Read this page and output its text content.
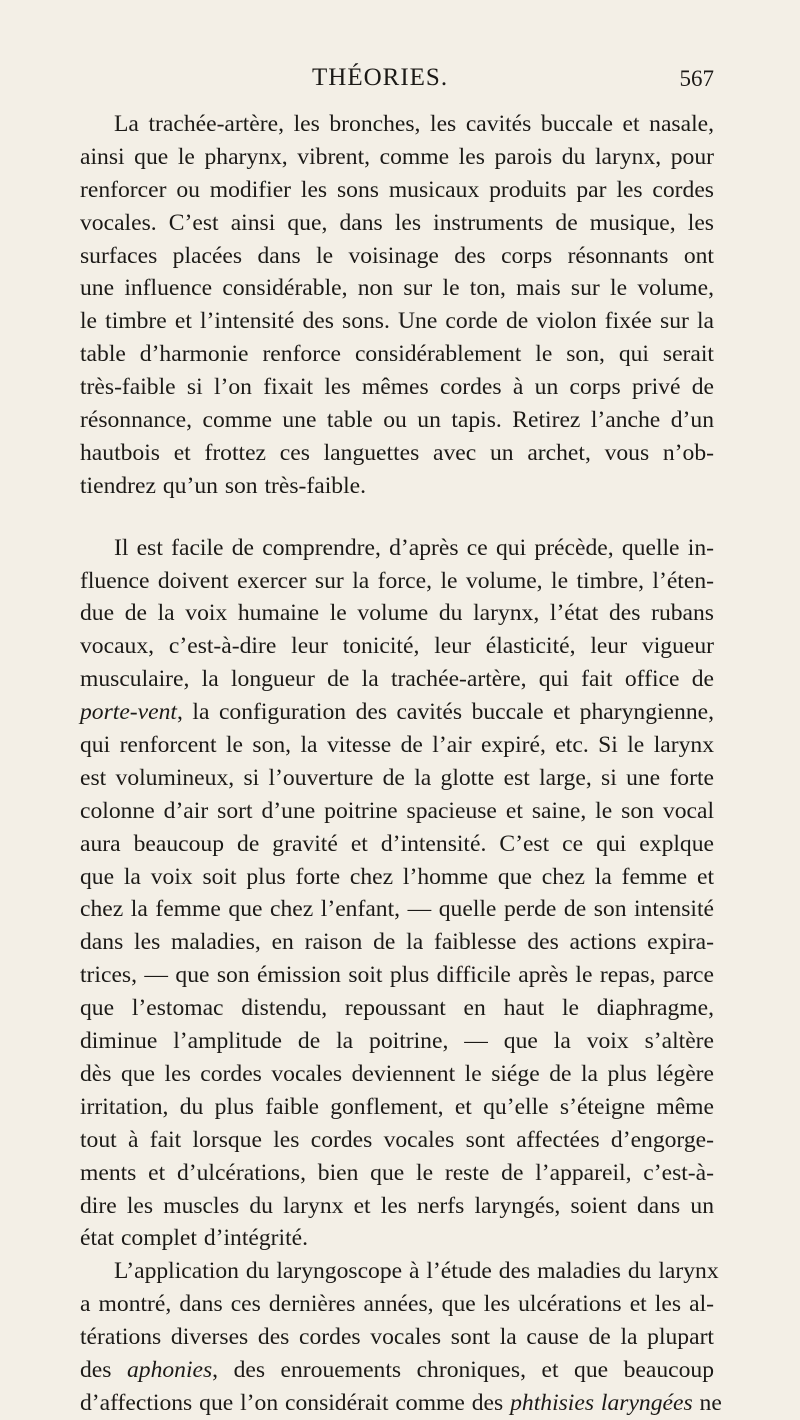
THÉORIES.	567
La trachée-artère, les bronches, les cavités buccale et nasale,
ainsi que le pharynx, vibrent, comme les parois du larynx, pour
renforcer ou modifier les sons musicaux produits par les cordes
vocales. C’est ainsi que, dans les instruments de musique, les
surfaces placées dans le voisinage des corps résonnants ont
une influence considérable, non sur le ton, mais sur le volume,
le timbre et l’intensité des sons. Une corde de violon fixée sur la
table d’harmonie renforce considérablement le son, qui serait
très-faible si l’on fixait les mêmes cordes à un corps privé de
résonnance, comme une table ou un tapis. Retirez l’anche d’un
hautbois et frottez ces languettes avec un archet, vous n’ob-
tiendrez qu’un son très-faible.
Il est facile de comprendre, d’après ce qui précède, quelle in-
fluence doivent exercer sur la force, le volume, le timbre, l’éten-
due de la voix humaine le volume du larynx, l’état des rubans
vocaux, c’est-à-dire leur tonicité, leur élasticité, leur vigueur
musculaire, la longueur de la trachée-artère, qui fait office de
porte-vent, la configuration des cavités buccale et pharyngienne,
qui renforcent le son, la vitesse de l’air expiré, etc. Si le larynx
est volumineux, si l’ouverture de la glotte est large, si une forte
colonne d’air sort d’une poitrine spacieuse et saine, le son vocal
aura beaucoup de gravité et d’intensité. C’est ce qui explque
que la voix soit plus forte chez l’homme que chez la femme et
chez la femme que chez l’enfant, — quelle perde de son intensité
dans les maladies, en raison de la faiblesse des actions expira-
trices, — que son émission soit plus difficile après le repas, parce
que l’estomac distendu, repoussant en haut le diaphragme,
diminue l’amplitude de la poitrine, — que la voix s’altère
dès que les cordes vocales deviennent le siége de la plus légère
irritation, du plus faible gonflement, et qu’elle s’éteigne même
tout à fait lorsque les cordes vocales sont affectées d’engorge-
ments et d’ulcérations, bien que le reste de l’appareil, c’est-à-
dire les muscles du larynx et les nerfs laryngés, soient dans un
état complet d’intégrité.
L’application du laryngoscope à l’étude des maladies du larynx
a montré, dans ces dernières années, que les ulcérations et les al-
térations diverses des cordes vocales sont la cause de la plupart
des aphonies, des enrouements chroniques, et que beaucoup
d’affections que l’on considérait comme des phthisies laryngées ne
